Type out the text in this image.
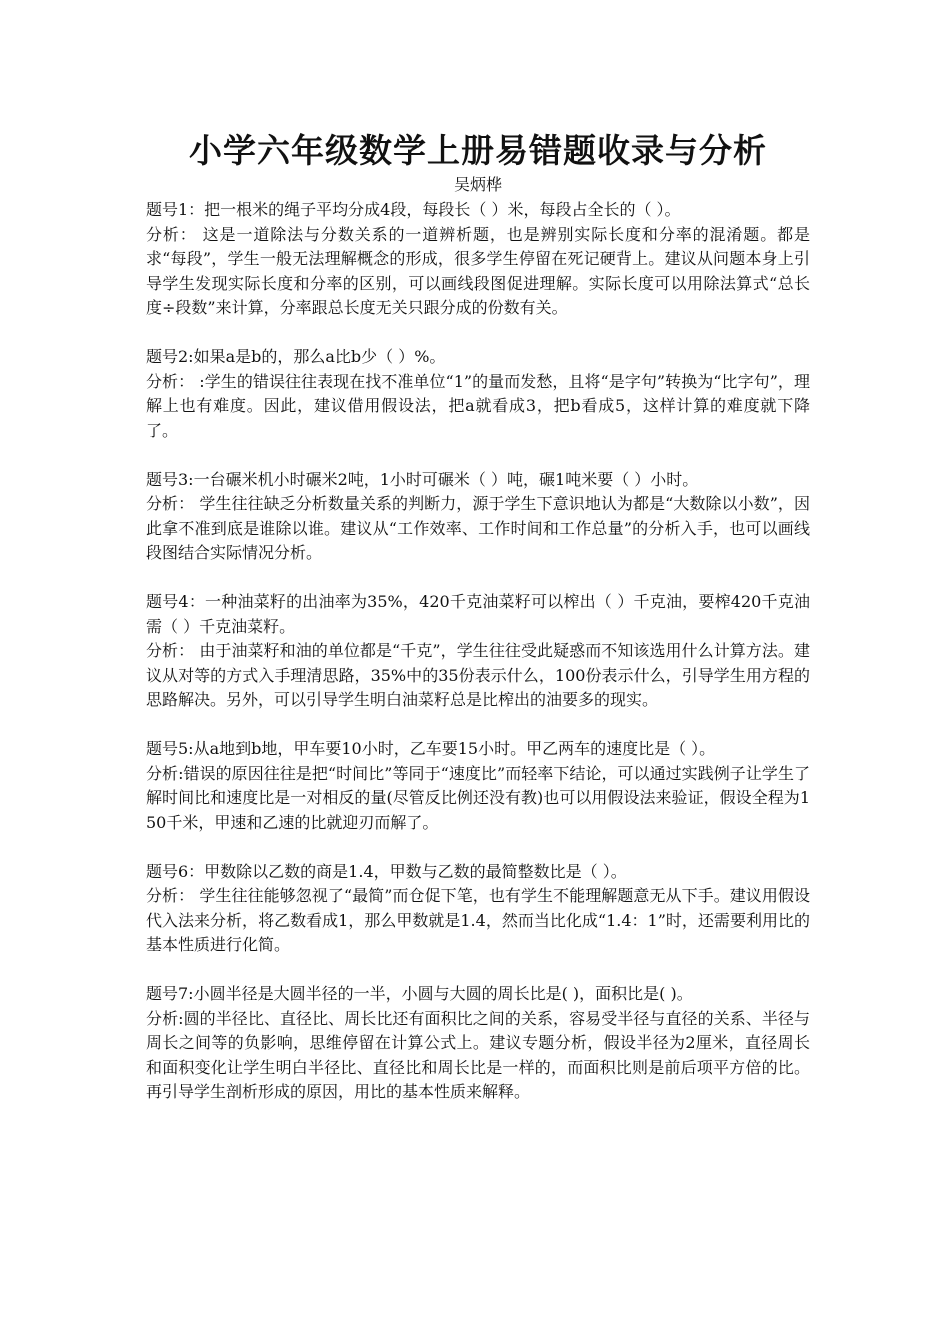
小学六年级数学上册易错题收录与分析

吴炳桦

题号1：把一根米的绳子平均分成4段，每段长（ ）米，每段占全长的（ ）。

分析： 这是一道除法与分数关系的一道辨析题，也是辨别实际长度和分率的混淆题。都是求“每段”，学生一般无法理解概念的形成，很多学生停留在死记硬背上。建议从问题本身上引导学生发现实际长度和分率的区别，可以画线段图促进理解。实际长度可以用除法算式“总长度÷段数”来计算，分率跟总长度无关只跟分成的份数有关。

题号2:如果a是b的，那么a比b少（ ）%。

分析： :学生的错误往往表现在找不准单位“1”的量而发愁，且将“是字句”转换为“比字句”，理解上也有难度。因此，建议借用假设法，把a就看成3，把b看成5，这样计算的难度就下降了。

题号3:一台碾米机小时碾米2吨，1小时可碾米（ ）吨，碾1吨米要（ ）小时。

分析： 学生往往缺乏分析数量关系的判断力，源于学生下意识地认为都是“大数除以小数”，因此拿不准到底是谁除以谁。建议从“工作效率、工作时间和工作总量”的分析入手，也可以画线段图结合实际情况分析。

题号4：一种油菜籽的出油率为35%，420千克油菜籽可以榨出（ ）千克油，要榨420千克油需（ ）千克油菜籽。

分析： 由于油菜籽和油的单位都是“千克”，学生往往受此疑惑而不知该选用什么计算方法。建议从对等的方式入手理清思路，35%中的35份表示什么，100份表示什么，引导学生用方程的思路解决。另外，可以引导学生明白油菜籽总是比榨出的油要多的现实。

题号5:从a地到b地，甲车要10小时，乙车要15小时。甲乙两车的速度比是（ ）。

分析:错误的原因往往是把“时间比”等同于“速度比”而轻率下结论，可以通过实践例子让学生了解时间比和速度比是一对相反的量(尽管反比例还没有教)也可以用假设法来验证，假设全程为150千米，甲速和乙速的比就迎刃而解了。

题号6：甲数除以乙数的商是1.4，甲数与乙数的最简整数比是（ ）。

分析： 学生往往能够忽视了“最简”而仓促下笔，也有学生不能理解题意无从下手。建议用假设代入法来分析，将乙数看成1，那么甲数就是1.4，然而当比化成“1.4：1”时，还需要利用比的基本性质进行化简。

题号7:小圆半径是大圆半径的一半，小圆与大圆的周长比是( )，面积比是( )。

分析:圆的半径比、直径比、周长比还有面积比之间的关系，容易受半径与直径的关系、半径与周长之间等的负影响，思维停留在计算公式上。建议专题分析，假设半径为2厘米，直径周长和面积变化让学生明白半径比、直径比和周长比是一样的，而面积比则是前后项平方倍的比。再引导学生剖析形成的原因，用比的基本性质来解释。
